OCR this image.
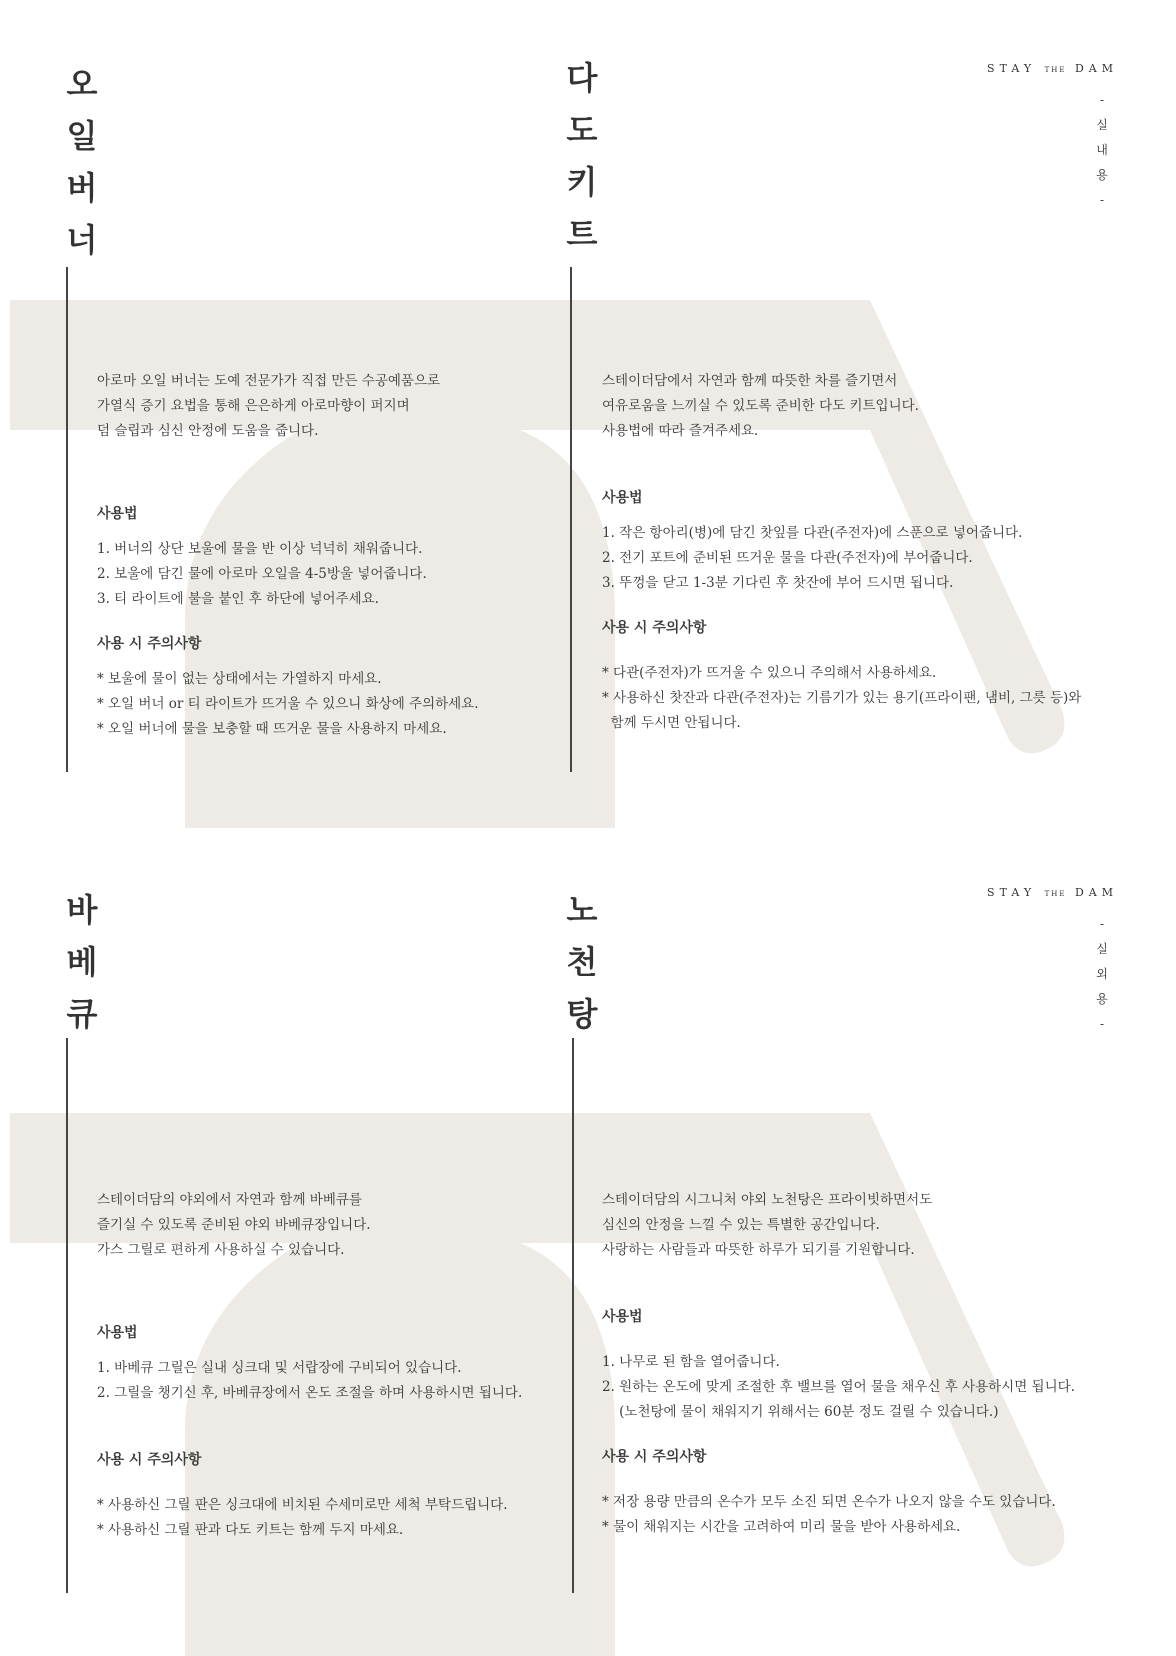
오
일
버
너

아로마 오일 버너는 도예 전문가가 직접 만든 수공예품으로

가열식 증기 요법을 통해 은은하게 아로마향이 퍼지며

덤 슬립과 심신 안정에 도움을 줍니다.

사용법

1. 버너의 상단 보울에 물을 반 이상 넉넉히 채워줍니다.

2. 보울에 담긴 물에 아로마 오일을 4-5방울 넣어줍니다.

3. 티 라이트에 불을 붙인 후 하단에 넣어주세요.

사용 시 주의사항

* 보울에 물이 없는 상태에서는 가열하지 마세요.

* 오일 버너 or 티 라이트가 뜨거울 수 있으니 화상에 주의하세요.

* 오일 버너에 물을 보충할 때 뜨거운 물을 사용하지 마세요.

다
도
키
트
STAY THE DAM
-
실
내
용
-

스테이더담에서 자연과 함께 따뜻한 차를 즐기면서

여유로움을 느끼실 수 있도록 준비한 다도 키트입니다.

사용법에 따라 즐겨주세요.

사용법

1. 작은 항아리(병)에 담긴 찻잎를 다관(주전자)에 스푼으로 넣어줍니다.

2. 전기 포트에 준비된 뜨거운 물을 다관(주전자)에 부어줍니다.

3. 뚜껑을 닫고 1-3분 기다린 후 찻잔에 부어 드시면 됩니다.

사용 시 주의사항

* 다관(주전자)가 뜨거울 수 있으니 주의해서 사용하세요.

* 사용하신 찻잔과 다관(주전자)는 기름기가 있는 용기(프라이팬, 냄비, 그릇 등)와

함께 두시면 안됩니다.

바
베
큐

스테이더담의 야외에서 자연과 함께 바베큐를

즐기실 수 있도록 준비된 야외 바베큐장입니다.

가스 그릴로 편하게 사용하실 수 있습니다.

사용법

1. 바베큐 그릴은 실내 싱크대 및 서랍장에 구비되어 있습니다.

2. 그릴을 챙기신 후, 바베큐장에서 온도 조절을 하며 사용하시면 됩니다.

사용 시 주의사항

* 사용하신 그릴 판은 싱크대에 비치된 수세미로만 세척 부탁드립니다.

* 사용하신 그릴 판과 다도 키트는 함께 두지 마세요.

노
천
탕
STAY THE DAM
-
실
외
용
-

스테이더담의 시그니처 야외 노천탕은 프라이빗하면서도

심신의 안정을 느낄 수 있는 특별한 공간입니다.

사랑하는 사람들과 따뜻한 하루가 되기를 기원합니다.

사용법

1. 나무로 된 함을 열어줍니다.

2. 원하는 온도에 맞게 조절한 후 밸브를 열어 물을 채우신 후 사용하시면 됩니다.

(노천탕에 물이 채워지기 위해서는 60분 정도 걸릴 수 있습니다.)

사용 시 주의사항

* 저장 용량 만큼의 온수가 모두 소진 되면 온수가 나오지 않을 수도 있습니다.

* 물이 채워지는 시간을 고려하여 미리 물을 받아 사용하세요.
